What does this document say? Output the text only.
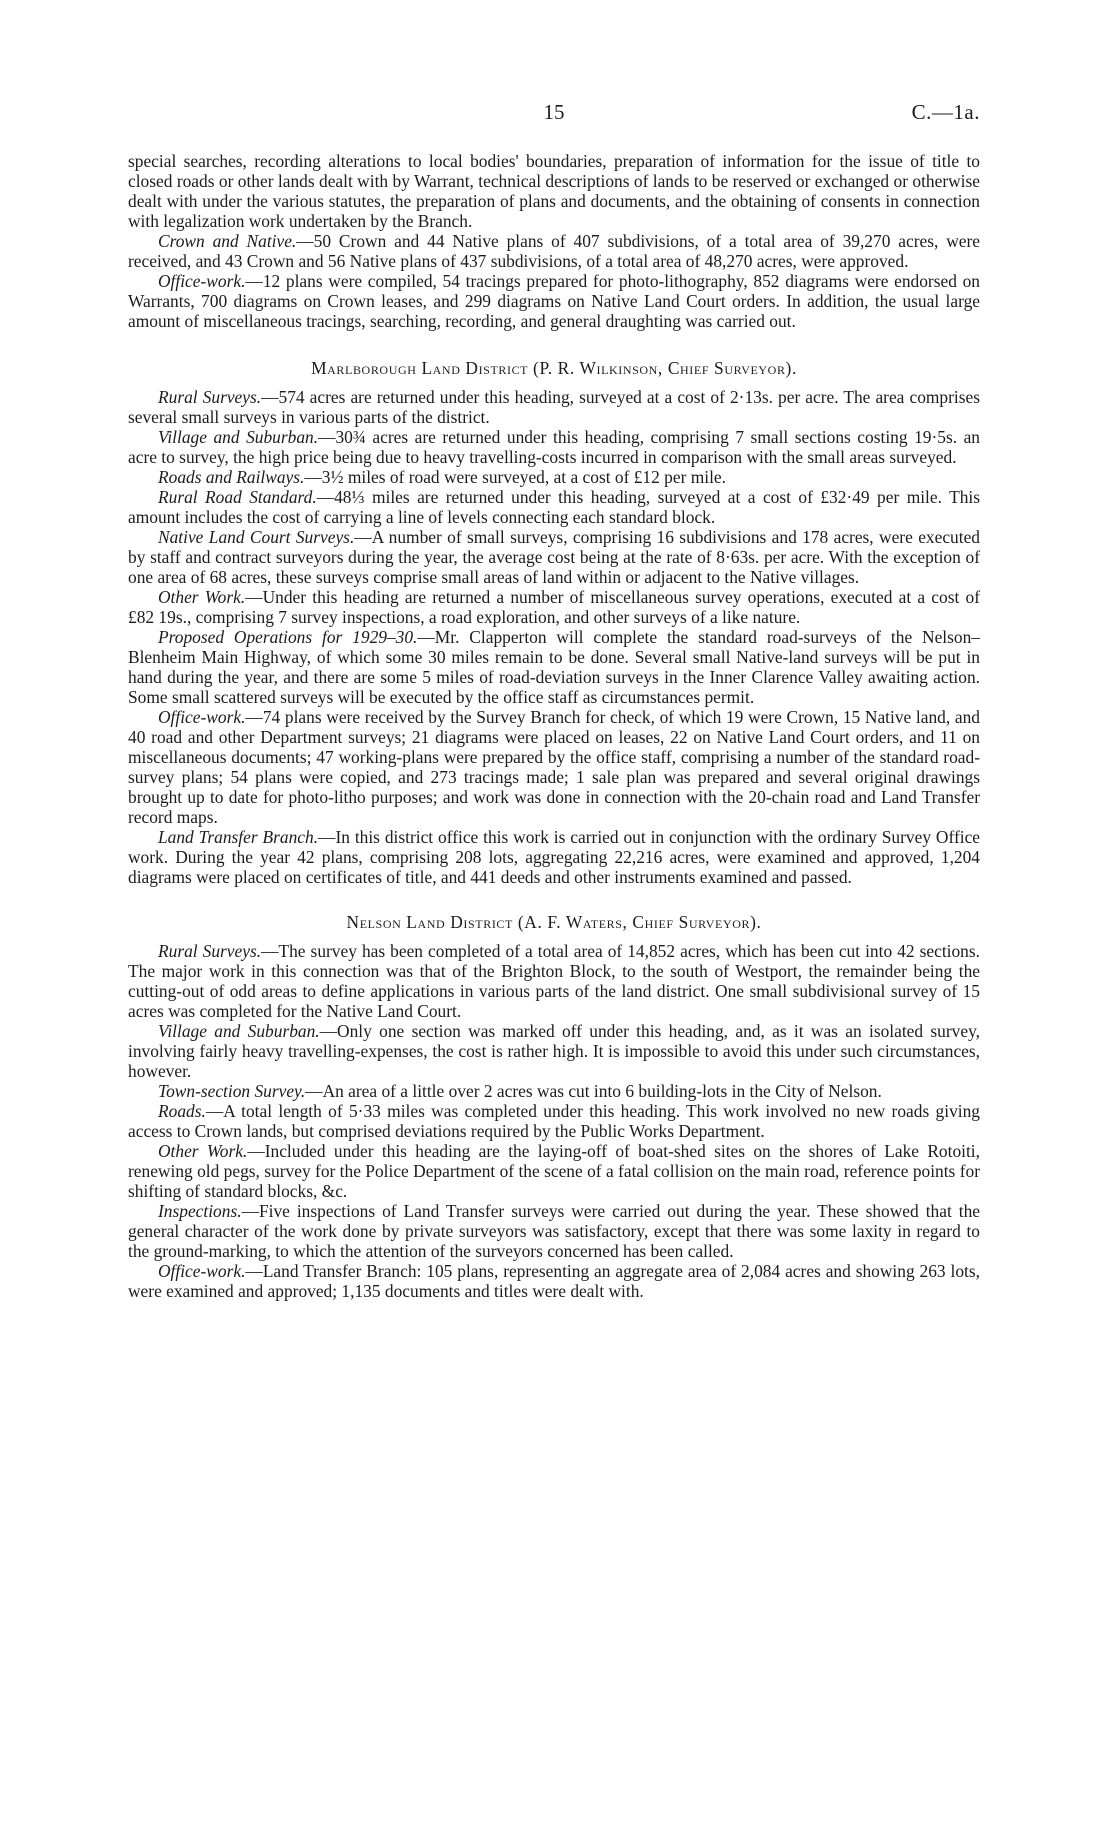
15	C.—1a.

special searches, recording alterations to local bodies' boundaries, preparation of information for the issue of title to closed roads or other lands dealt with by Warrant, technical descriptions of lands to be reserved or exchanged or otherwise dealt with under the various statutes, the preparation of plans and documents, and the obtaining of consents in connection with legalization work undertaken by the Branch.

Crown and Native.—50 Crown and 44 Native plans of 407 subdivisions, of a total area of 39,270 acres, were received, and 43 Crown and 56 Native plans of 437 subdivisions, of a total area of 48,270 acres, were approved.

Office-work.—12 plans were compiled, 54 tracings prepared for photo-lithography, 852 diagrams were endorsed on Warrants, 700 diagrams on Crown leases, and 299 diagrams on Native Land Court orders. In addition, the usual large amount of miscellaneous tracings, searching, recording, and general draughting was carried out.

Marlborough Land District (P. R. Wilkinson, Chief Surveyor).

Rural Surveys.—574 acres are returned under this heading, surveyed at a cost of 2·13s. per acre. The area comprises several small surveys in various parts of the district.

Village and Suburban.—30¾ acres are returned under this heading, comprising 7 small sections costing 19·5s. an acre to survey, the high price being due to heavy travelling-costs incurred in comparison with the small areas surveyed.

Roads and Railways.—3½ miles of road were surveyed, at a cost of £12 per mile.

Rural Road Standard.—48⅓ miles are returned under this heading, surveyed at a cost of £32·49 per mile. This amount includes the cost of carrying a line of levels connecting each standard block.

Native Land Court Surveys.—A number of small surveys, comprising 16 subdivisions and 178 acres, were executed by staff and contract surveyors during the year, the average cost being at the rate of 8·63s. per acre. With the exception of one area of 68 acres, these surveys comprise small areas of land within or adjacent to the Native villages.

Other Work.—Under this heading are returned a number of miscellaneous survey operations, executed at a cost of £82 19s., comprising 7 survey inspections, a road exploration, and other surveys of a like nature.

Proposed Operations for 1929–30.—Mr. Clapperton will complete the standard road-surveys of the Nelson–Blenheim Main Highway, of which some 30 miles remain to be done. Several small Native-land surveys will be put in hand during the year, and there are some 5 miles of road-deviation surveys in the Inner Clarence Valley awaiting action. Some small scattered surveys will be executed by the office staff as circumstances permit.

Office-work.—74 plans were received by the Survey Branch for check, of which 19 were Crown, 15 Native land, and 40 road and other Department surveys; 21 diagrams were placed on leases, 22 on Native Land Court orders, and 11 on miscellaneous documents; 47 working-plans were prepared by the office staff, comprising a number of the standard road-survey plans; 54 plans were copied, and 273 tracings made; 1 sale plan was prepared and several original drawings brought up to date for photo-litho purposes; and work was done in connection with the 20-chain road and Land Transfer record maps.

Land Transfer Branch.—In this district office this work is carried out in conjunction with the ordinary Survey Office work. During the year 42 plans, comprising 208 lots, aggregating 22,216 acres, were examined and approved, 1,204 diagrams were placed on certificates of title, and 441 deeds and other instruments examined and passed.

Nelson Land District (A. F. Waters, Chief Surveyor).

Rural Surveys.—The survey has been completed of a total area of 14,852 acres, which has been cut into 42 sections. The major work in this connection was that of the Brighton Block, to the south of Westport, the remainder being the cutting-out of odd areas to define applications in various parts of the land district. One small subdivisional survey of 15 acres was completed for the Native Land Court.

Village and Suburban.—Only one section was marked off under this heading, and, as it was an isolated survey, involving fairly heavy travelling-expenses, the cost is rather high. It is impossible to avoid this under such circumstances, however.

Town-section Survey.—An area of a little over 2 acres was cut into 6 building-lots in the City of Nelson.

Roads.—A total length of 5·33 miles was completed under this heading. This work involved no new roads giving access to Crown lands, but comprised deviations required by the Public Works Department.

Other Work.—Included under this heading are the laying-off of boat-shed sites on the shores of Lake Rotoiti, renewing old pegs, survey for the Police Department of the scene of a fatal collision on the main road, reference points for shifting of standard blocks, &c.

Inspections.—Five inspections of Land Transfer surveys were carried out during the year. These showed that the general character of the work done by private surveyors was satisfactory, except that there was some laxity in regard to the ground-marking, to which the attention of the surveyors concerned has been called.

Office-work.—Land Transfer Branch: 105 plans, representing an aggregate area of 2,084 acres and showing 263 lots, were examined and approved; 1,135 documents and titles were dealt with.
